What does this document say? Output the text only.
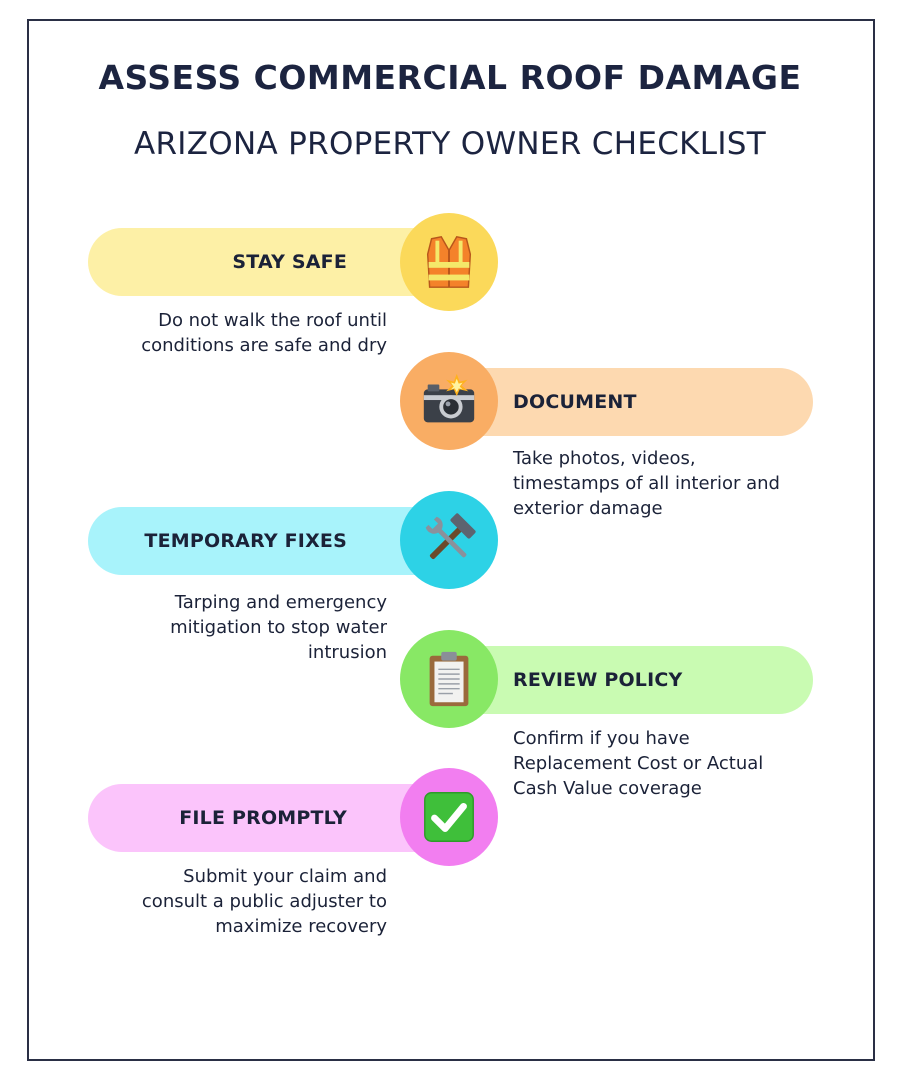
ASSESS COMMERCIAL ROOF DAMAGE
ARIZONA PROPERTY OWNER CHECKLIST
STAY SAFE
Do not walk the roof until
conditions are safe and dry
DOCUMENT
Take photos, videos,
timestamps of all interior and
exterior damage
TEMPORARY FIXES
Tarping and emergency
mitigation to stop water
intrusion
REVIEW POLICY
Confirm if you have
Replacement Cost or Actual
Cash Value coverage
FILE PROMPTLY
Submit your claim and
consult a public adjuster to
maximize recovery
